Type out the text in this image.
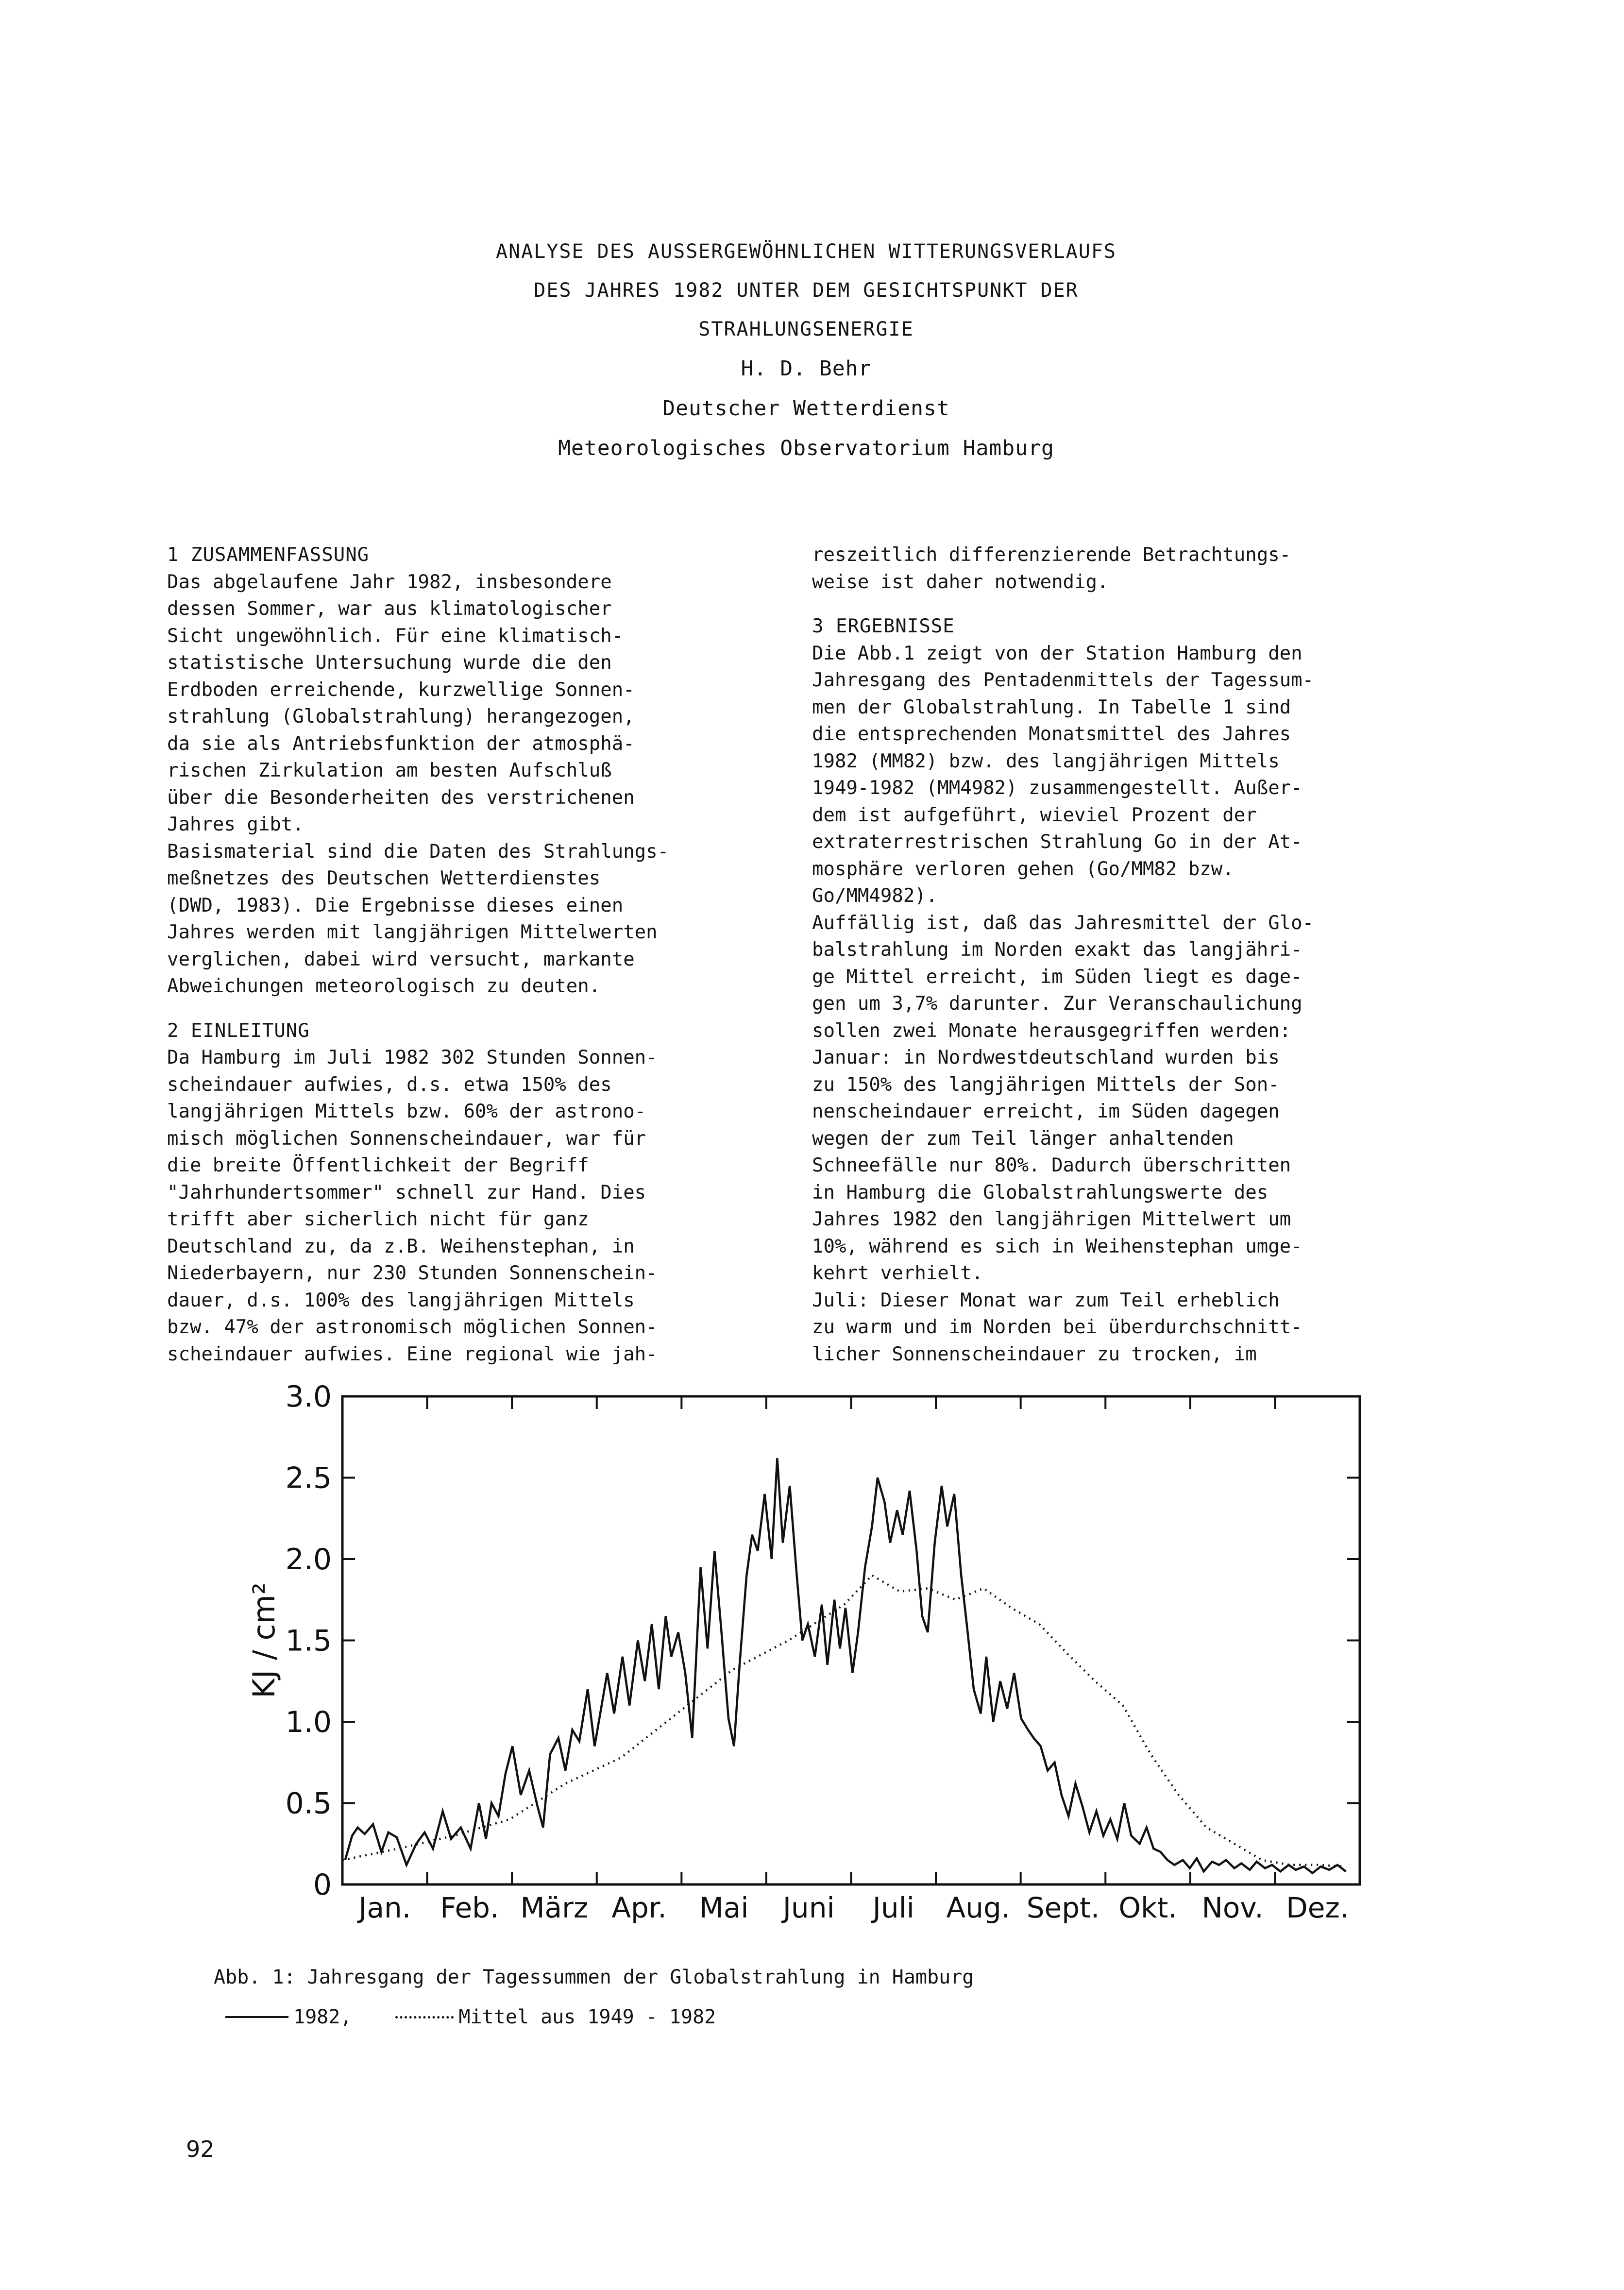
ANALYSE DES AUSSERGEWÖHNLICHEN WITTERUNGSVERLAUFS
DES JAHRES 1982 UNTER DEM GESICHTSPUNKT DER
STRAHLUNGSENERGIE
H. D. Behr
Deutscher Wetterdienst
Meteorologisches Observatorium Hamburg
1 ZUSAMMENFASSUNG
Das abgelaufene Jahr 1982, insbesondere
dessen Sommer, war aus klimatologischer
Sicht ungewöhnlich. Für eine klimatisch-
statistische Untersuchung wurde die den
Erdboden erreichende, kurzwellige Sonnen-
strahlung (Globalstrahlung) herangezogen,
da sie als Antriebsfunktion der atmosphä-
rischen Zirkulation am besten Aufschluß
über die Besonderheiten des verstrichenen
Jahres gibt.
Basismaterial sind die Daten des Strahlungs-
meßnetzes des Deutschen Wetterdienstes
(DWD, 1983). Die Ergebnisse dieses einen
Jahres werden mit langjährigen Mittelwerten
verglichen, dabei wird versucht, markante
Abweichungen meteorologisch zu deuten.
2 EINLEITUNG
Da Hamburg im Juli 1982 302 Stunden Sonnen-
scheindauer aufwies, d.s. etwa 150% des
langjährigen Mittels bzw. 60% der astrono-
misch möglichen Sonnenscheindauer, war für
die breite Öffentlichkeit der Begriff
"Jahrhundertsommer" schnell zur Hand. Dies
trifft aber sicherlich nicht für ganz
Deutschland zu, da z.B. Weihenstephan, in
Niederbayern, nur 230 Stunden Sonnenschein-
dauer, d.s. 100% des langjährigen Mittels
bzw. 47% der astronomisch möglichen Sonnen-
scheindauer aufwies. Eine regional wie jah-
reszeitlich differenzierende Betrachtungs-
weise ist daher notwendig.
3 ERGEBNISSE
Die Abb.1 zeigt von der Station Hamburg den
Jahresgang des Pentadenmittels der Tagessum-
men der Globalstrahlung. In Tabelle 1 sind
die entsprechenden Monatsmittel des Jahres
1982 (MM82) bzw. des langjährigen Mittels
1949-1982 (MM4982) zusammengestellt. Außer-
dem ist aufgeführt, wieviel Prozent der
extraterrestrischen Strahlung Go in der At-
mosphäre verloren gehen (Go/MM82 bzw.
Go/MM4982).
Auffällig ist, daß das Jahresmittel der Glo-
balstrahlung im Norden exakt das langjähri-
ge Mittel erreicht, im Süden liegt es dage-
gen um 3,7% darunter. Zur Veranschaulichung
sollen zwei Monate herausgegriffen werden:
Januar: in Nordwestdeutschland wurden bis
zu 150% des langjährigen Mittels der Son-
nenscheindauer erreicht, im Süden dagegen
wegen der zum Teil länger anhaltenden
Schneefälle nur 80%. Dadurch überschritten
in Hamburg die Globalstrahlungswerte des
Jahres 1982 den langjährigen Mittelwert um
10%, während es sich in Weihenstephan umge-
kehrt verhielt.
Juli: Dieser Monat war zum Teil erheblich
zu warm und im Norden bei überdurchschnitt-
licher Sonnenscheindauer zu trocken, im
0
0.5
1.0
1.5
2.0
2.5
3.0
Jan. Feb. März Apr. Mai Juni Juli Aug. Sept. Okt. Nov. Dez.
KJ / cm²
Abb. 1: Jahresgang der Tagessummen der Globalstrahlung in Hamburg
1982,	Mittel aus 1949 - 1982
92
